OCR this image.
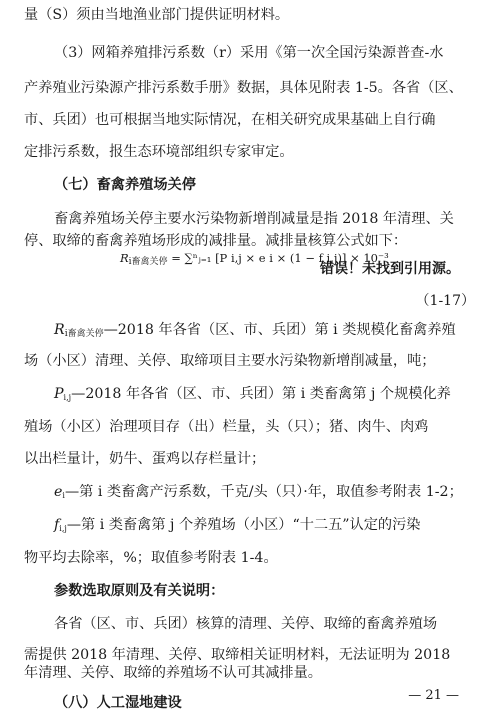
量（S）须由当地渔业部门提供证明材料。
（3）网箱养殖排污系数（r）采用《第一次全国污染源普查-水
产养殖业污染源产排污系数手册》数据，具体见附表 1-5。各省（区、
市、兵团）也可根据当地实际情况，在相关研究成果基础上自行确
定排污系数，报生态环境部组织专家审定。
（七）畜禽养殖场关停
畜禽养殖场关停主要水污染物新增削减量是指 2018 年清理、关
停、取缔的畜禽养殖场形成的减排量。减排量核算公式如下：
$R_{i畜禽关停}$ = ∑ⁿⱼ₌₁ [P i,j × e i × (1 − f i,j)] × 10⁻³
错误！未找到引用源。
（1-17）
$R_{i畜禽关停}—2018$ 年各省（区、市、兵团）第 i 类规模化畜禽养殖
场（小区）清理、关停、取缔项目主要水污染物新增削减量，吨；
$P_{i,j}—2018$ 年各省（区、市、兵团）第 i 类畜禽第 j 个规模化养
殖场（小区）治理项目存（出）栏量，头（只）；猪、肉牛、肉鸡
以出栏量计，奶牛、蛋鸡以存栏量计；
$e_i—$第 i 类畜禽产污系数，千克/头（只）·年，取值参考附表 1-2；
$f_{i,j}—$第 i 类畜禽第 j 个养殖场（小区）“十二五”认定的污染
物平均去除率，%；取值参考附表 1-4。
参数选取原则及有关说明：
各省（区、市、兵团）核算的清理、关停、取缔的畜禽养殖场
需提供 2018 年清理、关停、取缔相关证明材料，无法证明为 2018
年清理、关停、取缔的养殖场不认可其减排量。
（八）人工湿地建设	— 21 —
